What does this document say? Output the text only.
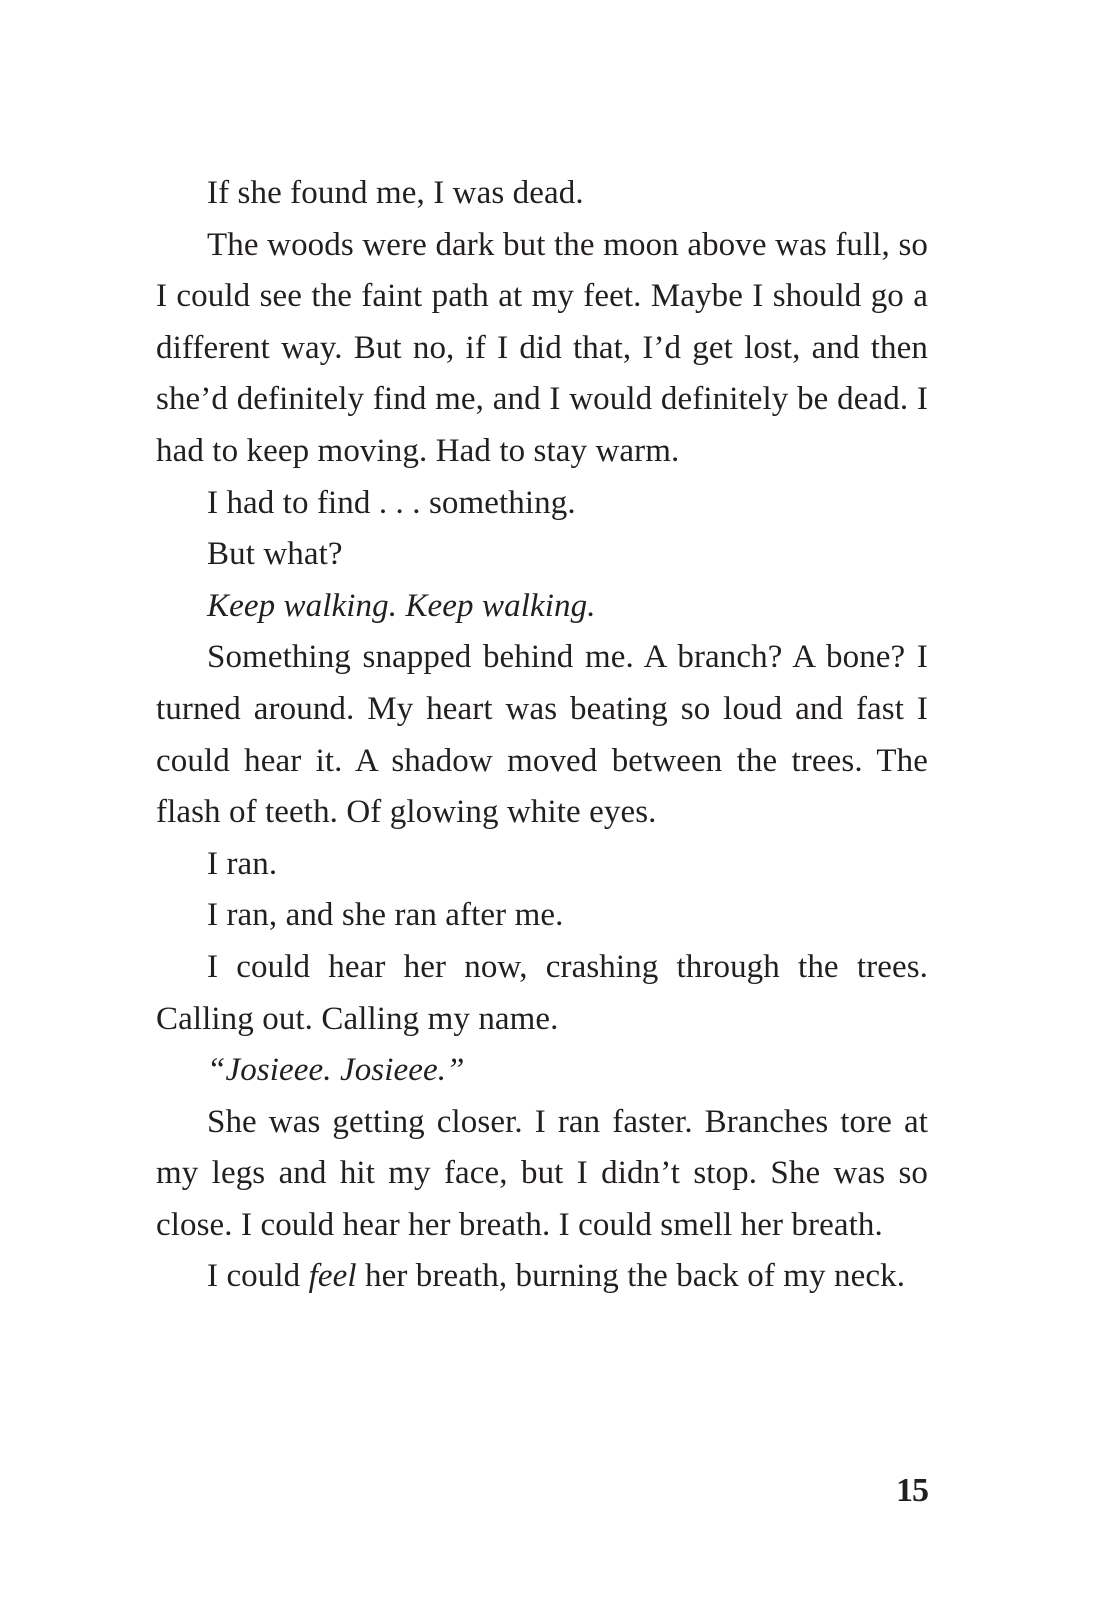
If she found me, I was dead.

The woods were dark but the moon above was full, so I could see the faint path at my feet. Maybe I should go a different way. But no, if I did that, I’d get lost, and then she’d definitely find me, and I would definitely be dead. I had to keep moving. Had to stay warm.

I had to find . . . something.

But what?

Keep walking. Keep walking.

Something snapped behind me. A branch? A bone? I turned around. My heart was beating so loud and fast I could hear it. A shadow moved between the trees. The flash of teeth. Of glowing white eyes.

I ran.

I ran, and she ran after me.

I could hear her now, crashing through the trees. Calling out. Calling my name.

“Josieee. Josieee.”

She was getting closer. I ran faster. Branches tore at my legs and hit my face, but I didn’t stop. She was so close. I could hear her breath. I could smell her breath.

I could feel her breath, burning the back of my neck.

15
